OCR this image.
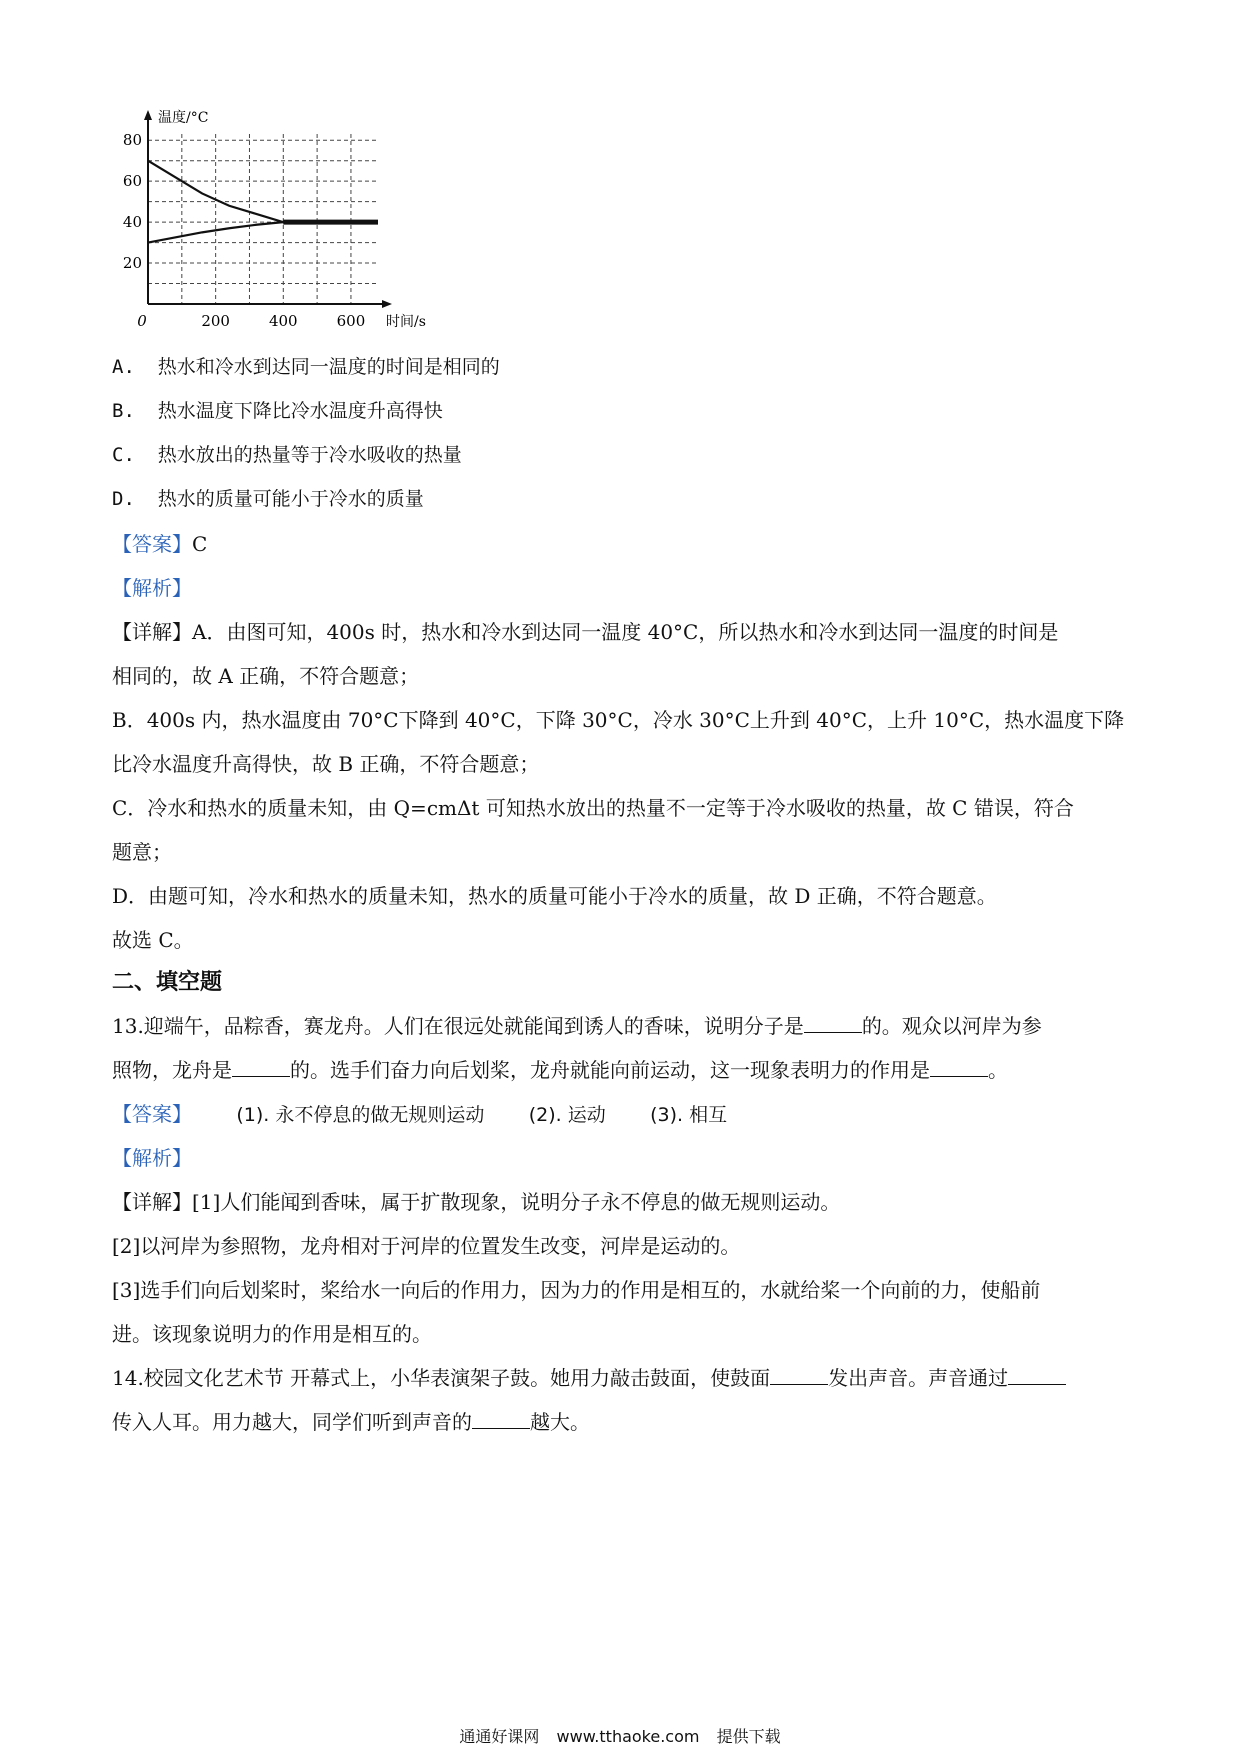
20
40
60
80
0	200	400	600
温度/°C
时间/s
A. 热水和冷水到达同一温度的时间是相同的
B. 热水温度下降比冷水温度升高得快
C. 热水放出的热量等于冷水吸收的热量
D. 热水的质量可能小于冷水的质量
【答案】C
【解析】
【详解】A．由图可知，400s 时，热水和冷水到达同一温度 40°C，所以热水和冷水到达同一温度的时间是
相同的，故 A 正确，不符合题意；
B．400s 内，热水温度由 70°C下降到 40°C，下降 30°C，冷水 30°C上升到 40°C，上升 10°C，热水温度下降
比冷水温度升高得快，故 B 正确，不符合题意；
C．冷水和热水的质量未知，由 Q=cmΔt 可知热水放出的热量不一定等于冷水吸收的热量，故 C 错误，符合
题意；
D．由题可知，冷水和热水的质量未知，热水的质量可能小于冷水的质量，故 D 正确，不符合题意。
故选 C。
二、填空题
13.迎端午，品粽香，赛龙舟。人们在很远处就能闻到诱人的香味，说明分子是	的。观众以河岸为参
照物，龙舟是	的。选手们奋力向后划桨，龙舟就能向前运动，这一现象表明力的作用是	。
【答案】 (1). 永不停息的做无规则运动 (2). 运动 (3). 相互
【解析】
【详解】[1]人们能闻到香味，属于扩散现象，说明分子永不停息的做无规则运动。
[2]以河岸为参照物，龙舟相对于河岸的位置发生改变，河岸是运动的。
[3]选手们向后划桨时，桨给水一向后的作用力，因为力的作用是相互的，水就给桨一个向前的力，使船前
进。该现象说明力的作用是相互的。
14.校园文化艺术节 开幕式上，小华表演架子鼓。她用力敲击鼓面，使鼓面	发出声音。声音通过
传入人耳。用力越大，同学们听到声音的	越大。
通通好课网 www.tthaoke.com 提供下载
